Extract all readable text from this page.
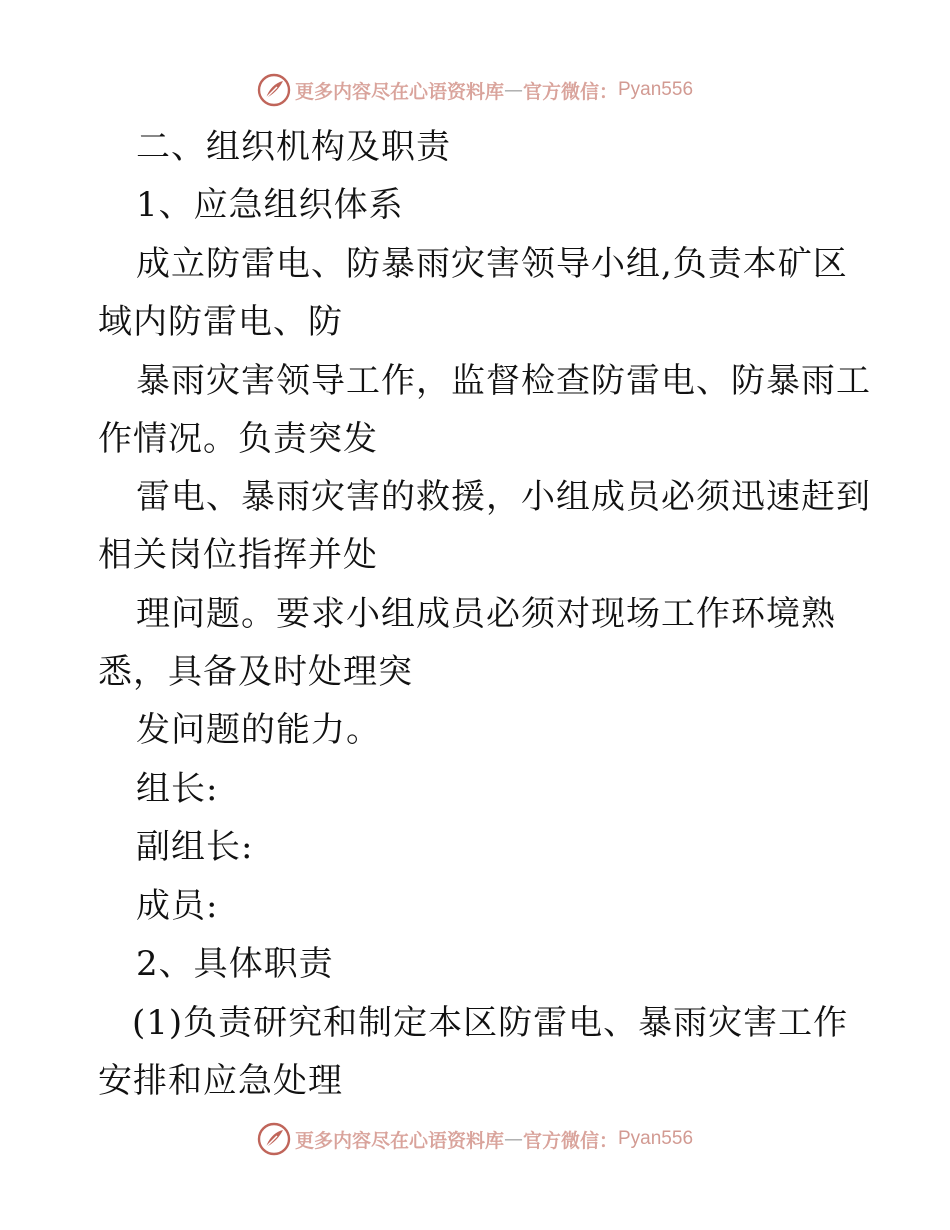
更多内容尽在心语资料库 — 官方微信： Pyan556
二、组织机构及职责
1、应急组织体系
成立防雷电、防暴雨灾害领导小组,负责本矿区
域内防雷电、防
暴雨灾害领导工作，监督检查防雷电、防暴雨工
作情况。负责突发
雷电、暴雨灾害的救援，小组成员必须迅速赶到
相关岗位指挥并处
理问题。要求小组成员必须对现场工作环境熟
悉，具备及时处理突
发问题的能力。
组长:
副组长:
成员:
2、具体职责
(1)负责研究和制定本区防雷电、暴雨灾害工作
安排和应急处理
更多内容尽在心语资料库 — 官方微信： Pyan556
